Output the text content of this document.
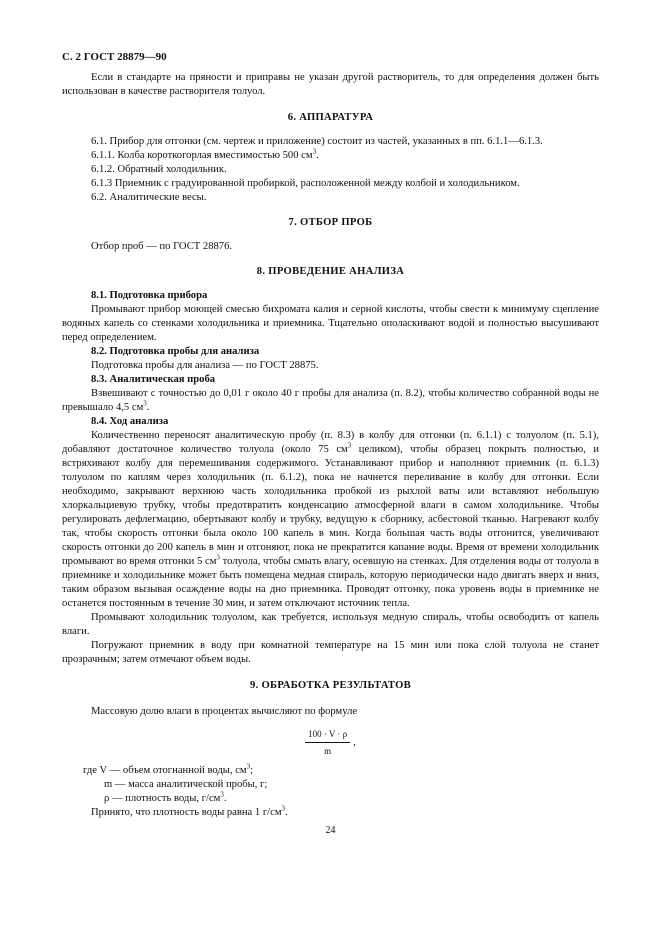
С. 2 ГОСТ 28879—90

Если в стандарте на пряности и приправы не указан другой растворитель, то для определения должен быть использован в качестве растворителя толуол.

6. АППАРАТУРА

6.1. Прибор для отгонки (см. чертеж и приложение) состоит из частей, указанных в пп. 6.1.1—6.1.3.

6.1.1. Колба короткогорлая вместимостью 500 $см^3$.

6.1.2. Обратный холодильник.

6.1.3 Приемник с градуированной пробиркой, расположенной между колбой и холодильником.

6.2. Аналитические весы.

7. ОТБОР ПРОБ

Отбор проб — по ГОСТ 28876.

8. ПРОВЕДЕНИЕ АНАЛИЗА
8.1. Подготовка прибора

Промывают прибор моющей смесью бихромата калия и серной кислоты, чтобы свести к минимуму сцепление водяных капель со стенками холодильника и приемника. Тщательно ополаскивают водой и полностью высушивают перед определением.

8.2. Подготовка пробы для анализа

Подготовка пробы для анализа — по ГОСТ 28875.

8.3. Аналитическая проба

Взвешивают с точностью до 0,01 г около 40 г пробы для анализа (п. 8.2), чтобы количество собранной воды не превышало 4,5 $см^3$.

8.4. Ход анализа

Количественно переносят аналитическую пробу (п. 8.3) в колбу для отгонки (п. 6.1.1) с толуолом (п. 5.1), добавляют достаточное количество толуола (около 75 $см^3$ целиком), чтобы образец покрыть полностью, и встряхивают колбу для перемешивания содержимого. Устанавливают прибор и наполняют приемник (п. 6.1.3) толуолом по каплям через холодильник (п. 6.1.2), пока не начнется переливание в колбу для отгонки. Если необходимо, закрывают верхнюю часть холодильника пробкой из рыхлой ваты или вставляют небольшую хлоркальциевую трубку, чтобы предотвратить конденсацию атмосферной влаги в самом холодильнике. Чтобы регулировать дефлегмацию, обертывают колбу и трубку, ведущую к сборнику, асбестовой тканью. Нагревают колбу так, чтобы скорость отгонки была около 100 капель в мин. Когда большая часть воды отгонится, увеличивают скорость отгонки до 200 капель в мин и отгоняют, пока не прекратится капание воды. Время от времени холодильник промывают во время отгонки 5 $см^3$ толуола, чтобы смыть влагу, осевшую на стенках. Для отделения воды от толуола в приемнике и холодильнике может быть помещена медная спираль, которую периодически надо двигать вверх и вниз, таким образом вызывая осаждение воды на дно приемника. Проводят отгонку, пока уровень воды в приемнике не останется постоянным в течение 30 мин, и затем отключают источник тепла.

Промывают холодильник толуолом, как требуется, используя медную спираль, чтобы освободить от капель влаги.

Погружают приемник в воду при комнатной температуре на 15 мин или пока слой толуола не станет прозрачным; затем отмечают объем воды.

9. ОБРАБОТКА РЕЗУЛЬТАТОВ

Массовую долю влаги в процентах вычисляют по формуле

$\frac{100 \cdot V \cdot \rho}{m}$ ,

где V — объем отогнанной воды, $см^3$;

m — масса аналитической пробы, г;

ρ — плотность воды, $г/см^3$.

Принято, что плотность воды равна 1 $г/см^3$.

24
